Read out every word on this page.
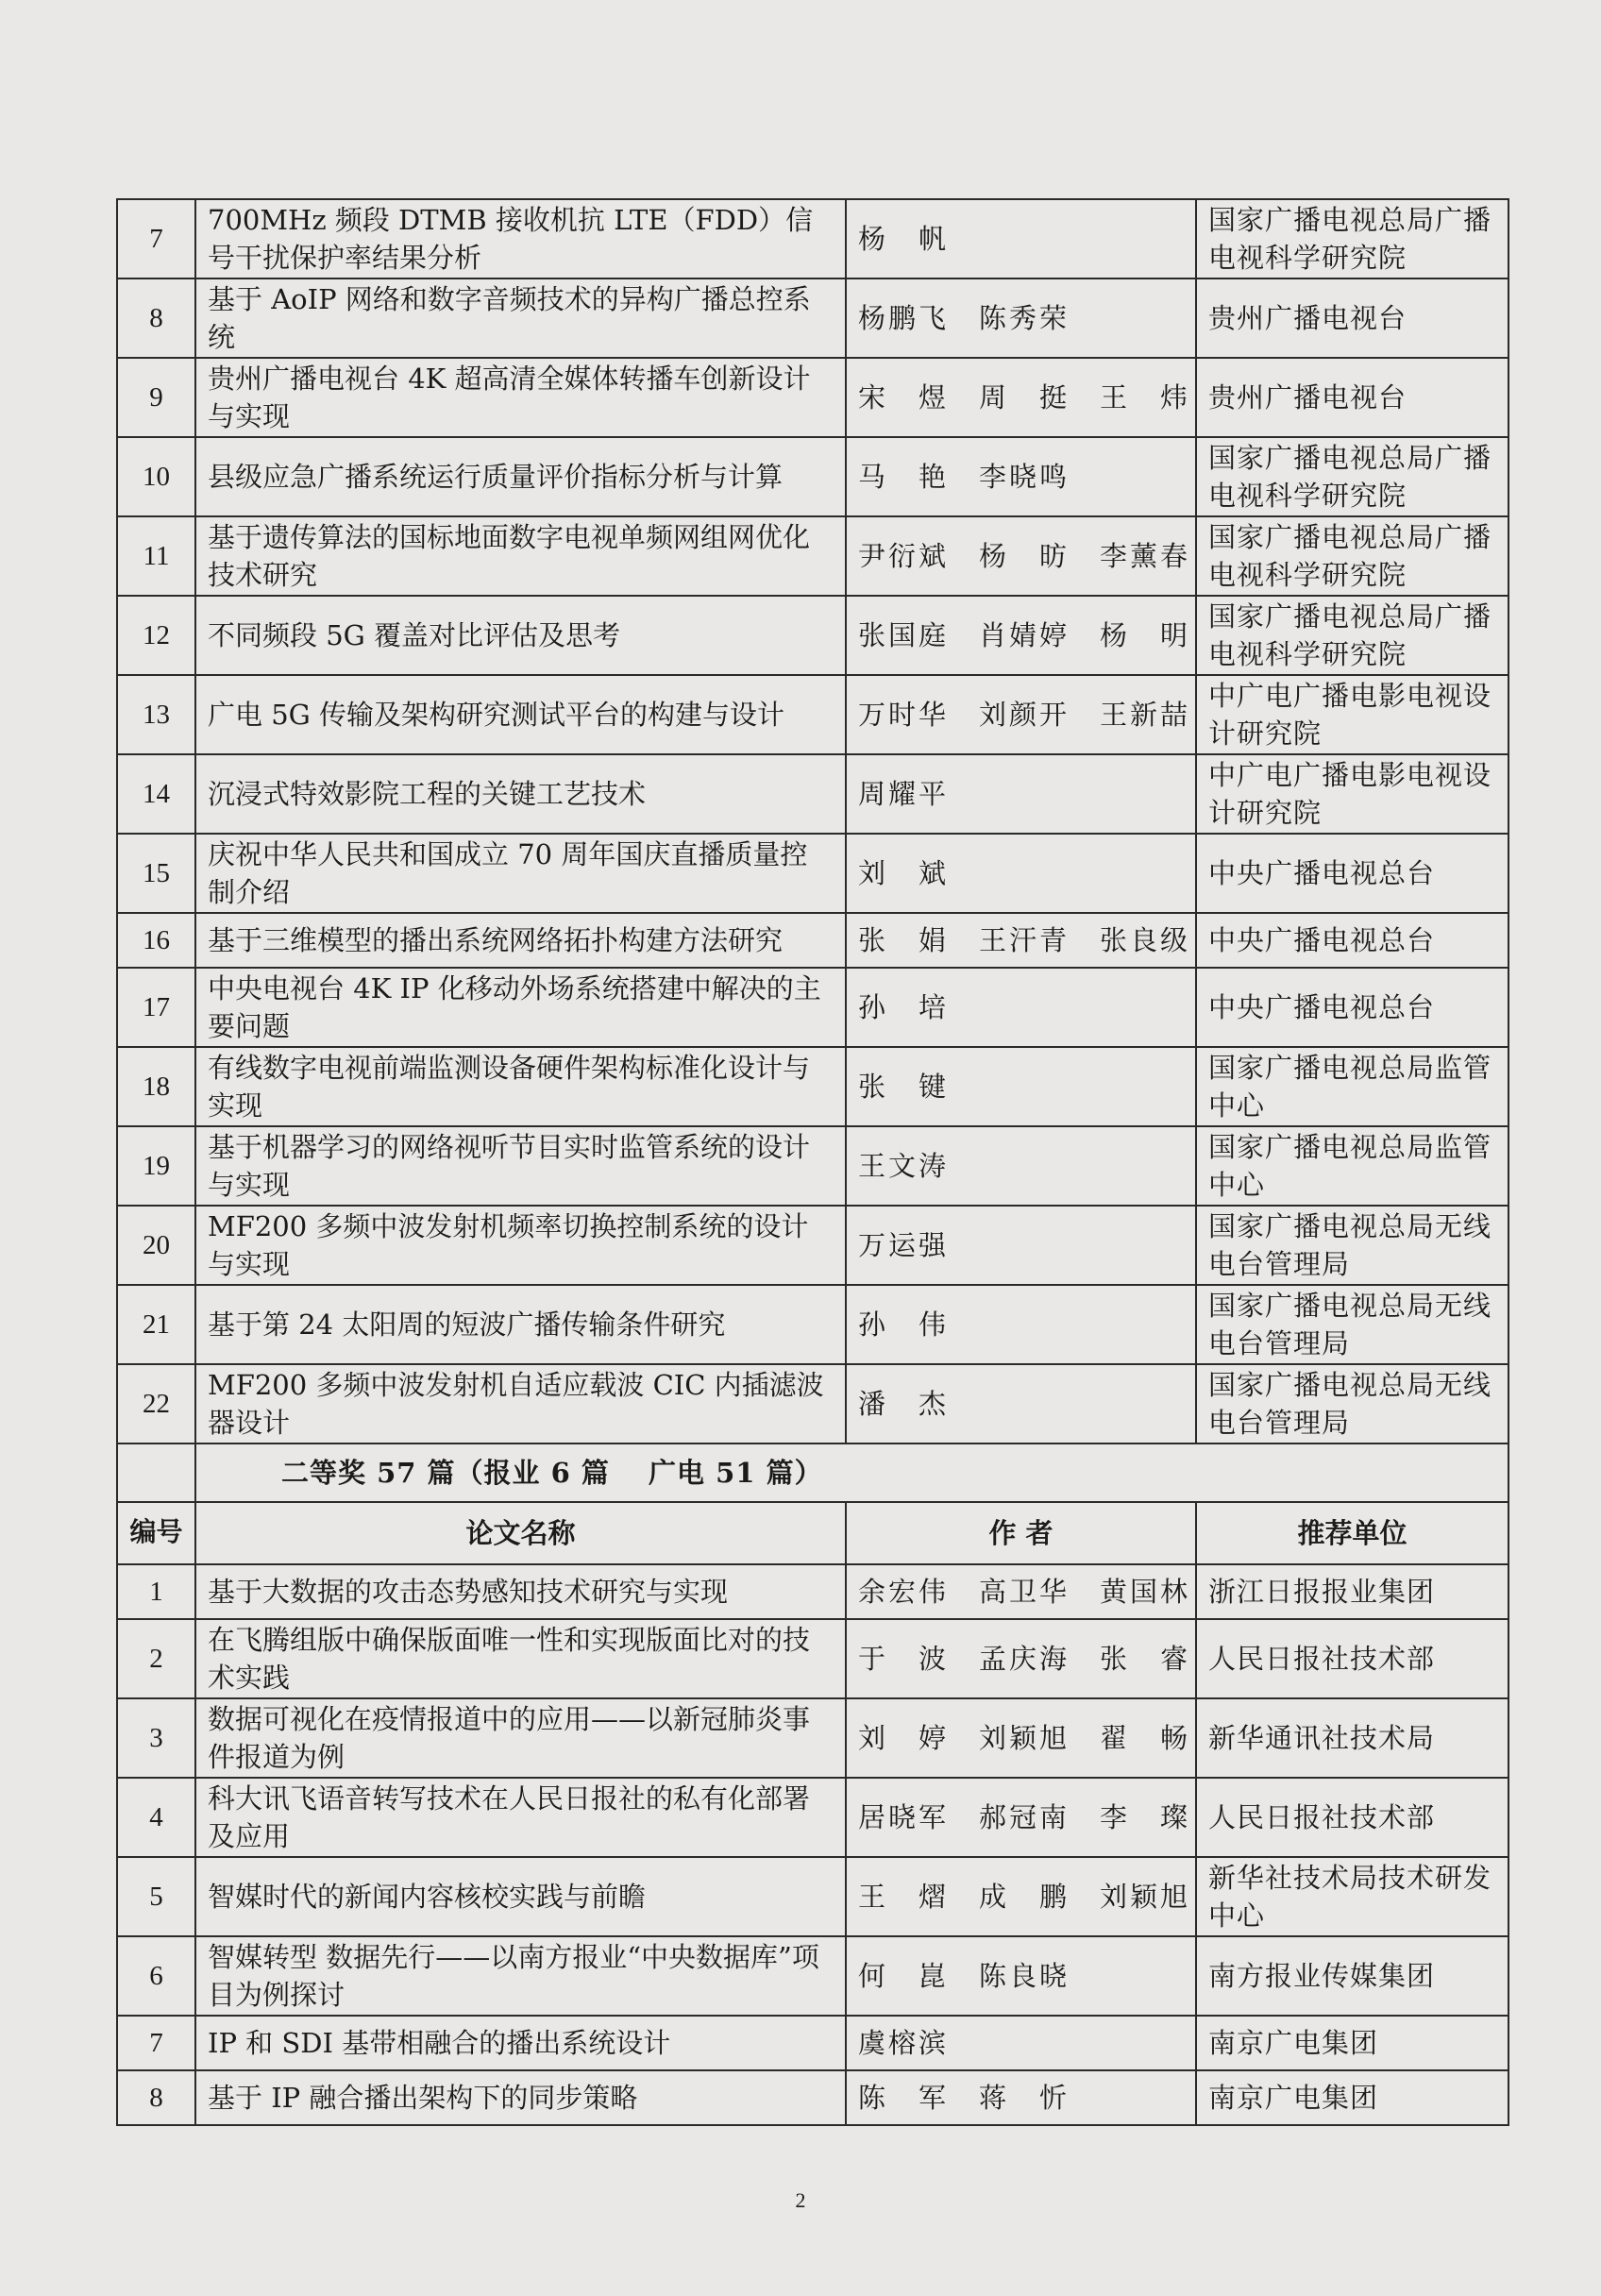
7	700MHz 频段 DTMB 接收机抗 LTE（FDD）信号干扰保护率结果分析	杨　帆	国家广播电视总局广播电视科学研究院
8	基于 AoIP 网络和数字音频技术的异构广播总控系统	杨鹏飞　陈秀荣	贵州广播电视台
9	贵州广播电视台 4K 超高清全媒体转播车创新设计与实现	宋　煜　周　挺　王　炜	贵州广播电视台
10	县级应急广播系统运行质量评价指标分析与计算	马　艳　李晓鸣	国家广播电视总局广播电视科学研究院
11	基于遗传算法的国标地面数字电视单频网组网优化技术研究	尹衍斌　杨　昉　李薰春	国家广播电视总局广播电视科学研究院
12	不同频段 5G 覆盖对比评估及思考	张国庭　肖婧婷　杨　明	国家广播电视总局广播电视科学研究院
13	广电 5G 传输及架构研究测试平台的构建与设计	万时华　刘颜开　王新喆	中广电广播电影电视设计研究院
14	沉浸式特效影院工程的关键工艺技术	周耀平	中广电广播电影电视设计研究院
15	庆祝中华人民共和国成立 70 周年国庆直播质量控制介绍	刘　斌	中央广播电视总台
16	基于三维模型的播出系统网络拓扑构建方法研究	张　娟　王汗青　张良级	中央广播电视总台
17	中央电视台 4K IP 化移动外场系统搭建中解决的主要问题	孙　培	中央广播电视总台
18	有线数字电视前端监测设备硬件架构标准化设计与实现	张　键	国家广播电视总局监管中心
19	基于机器学习的网络视听节目实时监管系统的设计与实现	王文涛	国家广播电视总局监管中心
20	MF200 多频中波发射机频率切换控制系统的设计与实现	万运强	国家广播电视总局无线电台管理局
21	基于第 24 太阳周的短波广播传输条件研究	孙　伟	国家广播电视总局无线电台管理局
22	MF200 多频中波发射机自适应载波 CIC 内插滤波器设计	潘　杰	国家广播电视总局无线电台管理局
	二等奖 57 篇（报业 6 篇　 广电 51 篇）		
编号	论文名称	作 者	推荐单位
1	基于大数据的攻击态势感知技术研究与实现	余宏伟　高卫华　黄国林	浙江日报报业集团
2	在飞腾组版中确保版面唯一性和实现版面比对的技术实践	于　波　孟庆海　张　睿	人民日报社技术部
3	数据可视化在疫情报道中的应用——以新冠肺炎事件报道为例	刘　婷　刘颖旭　翟　畅	新华通讯社技术局
4	科大讯飞语音转写技术在人民日报社的私有化部署及应用	居晓军　郝冠南　李　璨	人民日报社技术部
5	智媒时代的新闻内容核校实践与前瞻	王　熠　成　鹏　刘颖旭	新华社技术局技术研发中心
6	智媒转型 数据先行——以南方报业“中央数据库”项目为例探讨	何　崑　陈良晓	南方报业传媒集团
7	IP 和 SDI 基带相融合的播出系统设计	虞榕滨	南京广电集团
8	基于 IP 融合播出架构下的同步策略	陈　军　蒋　忻	南京广电集团
2
